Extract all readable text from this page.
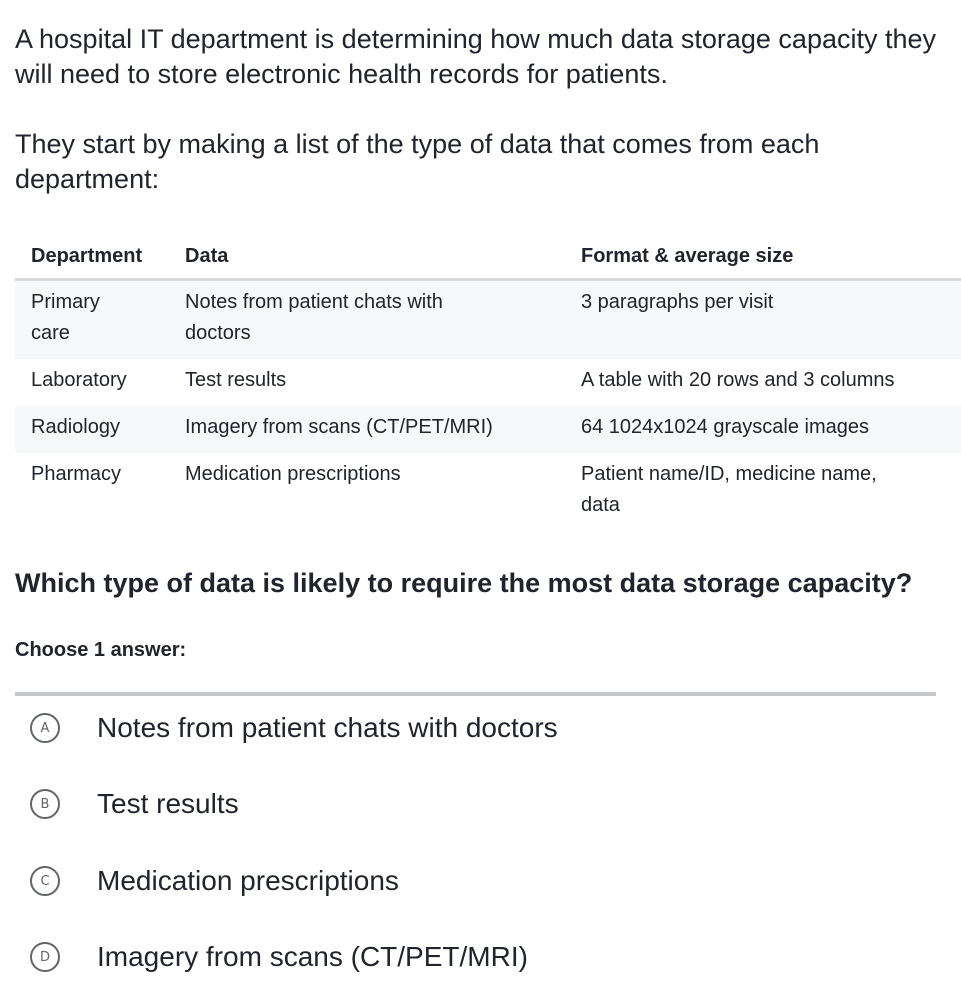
A hospital IT department is determining how much data storage capacity they will need to store electronic health records for patients.

They start by making a list of the type of data that comes from each department:

Department	Data	Format & average size

Primary care	Notes from patient chats with doctors	3 paragraphs per visit

Laboratory	Test results	A table with 20 rows and 3 columns

Radiology	Imagery from scans (CT/PET/MRI)	64 1024x1024 grayscale images

Pharmacy	Medication prescriptions	Patient name/ID, medicine name, data
Which type of data is likely to require the most data storage capacity?

Choose 1 answer:

A	Notes from patient chats with doctors
B	Test results
C	Medication prescriptions
D	Imagery from scans (CT/PET/MRI)
